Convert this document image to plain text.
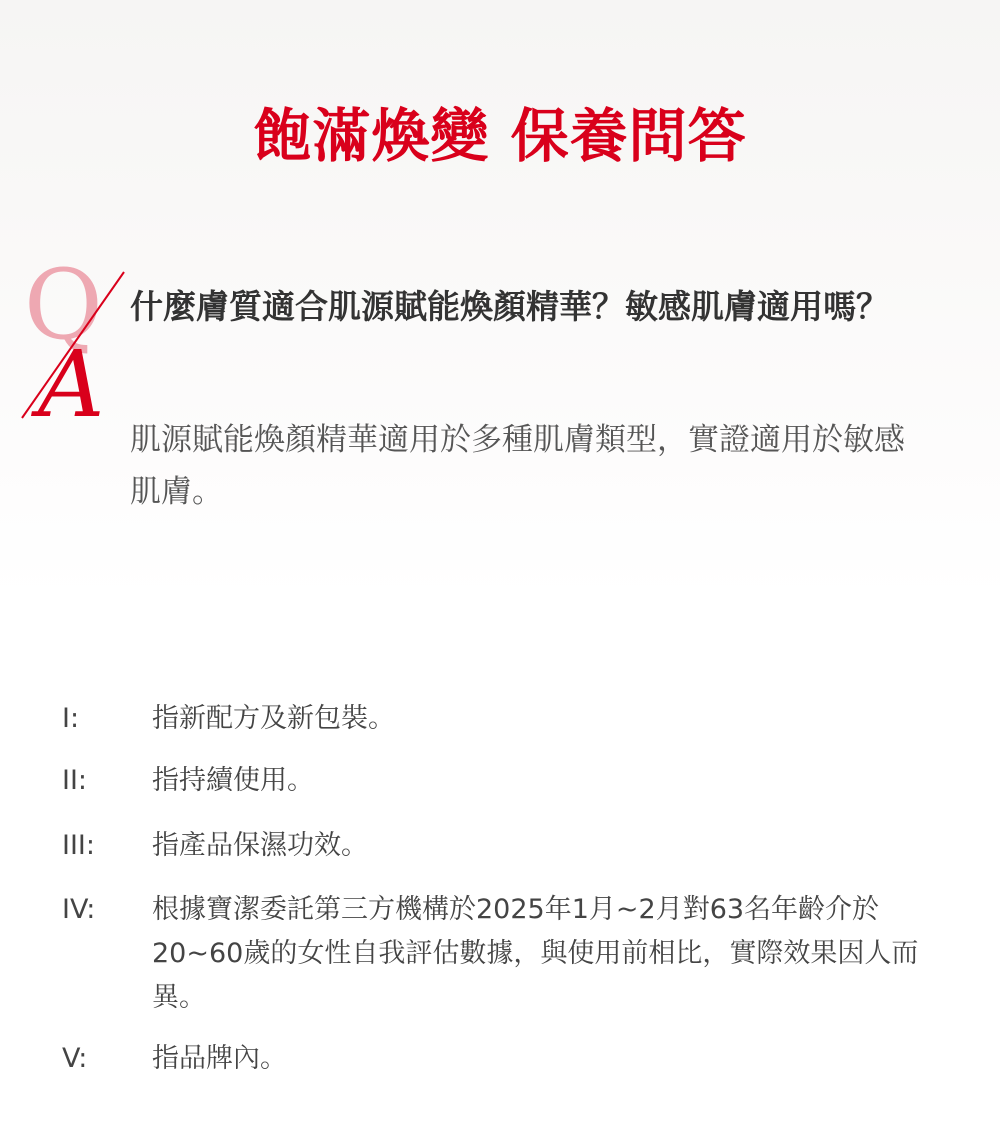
飽滿煥變 保養問答
Q
A

什麼膚質適合肌源賦能煥顏精華？敏感肌膚適用嗎？

肌源賦能煥顏精華適用於多種肌膚類型，實證適用於敏感肌膚。

I:	指新配方及新包裝。
II:	指持續使用。
III:	指產品保濕功效。
IV:	根據寶潔委託第三方機構於2025年1月~2月對63名年齡介於20~60歲的女性自我評估數據，與使用前相比，實際效果因人而異。
V:	指品牌內。
